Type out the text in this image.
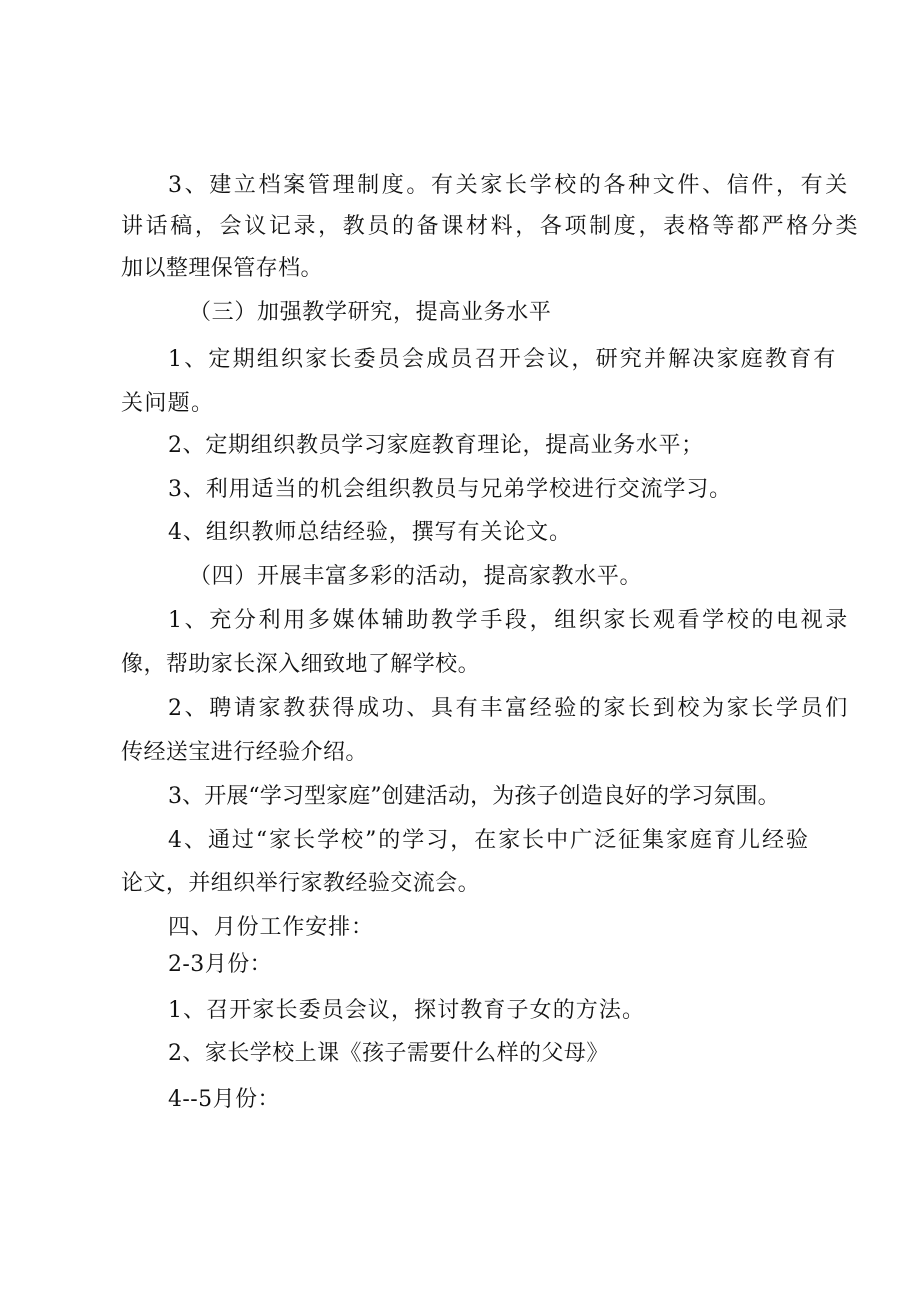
3、建立档案管理制度。有关家长学校的各种文件、信件，有关
讲话稿，会议记录，教员的备课材料，各项制度，表格等都严格分类
加以整理保管存档。
（三）加强教学研究，提高业务水平
1、定期组织家长委员会成员召开会议，研究并解决家庭教育有
关问题。
2、定期组织教员学习家庭教育理论，提高业务水平；
3、利用适当的机会组织教员与兄弟学校进行交流学习。
4、组织教师总结经验，撰写有关论文。
（四）开展丰富多彩的活动，提高家教水平。
1、充分利用多媒体辅助教学手段，组织家长观看学校的电视录
像，帮助家长深入细致地了解学校。
2、聘请家教获得成功、具有丰富经验的家长到校为家长学员们
传经送宝进行经验介绍。
3、开展“学习型家庭”创建活动，为孩子创造良好的学习氛围。
4、通过“家长学校”的学习，在家长中广泛征集家庭育儿经验
论文，并组织举行家教经验交流会。
四、月份工作安排：
2-3月份：
1、召开家长委员会议，探讨教育子女的方法。
2、家长学校上课《孩子需要什么样的父母》
4--5月份：
